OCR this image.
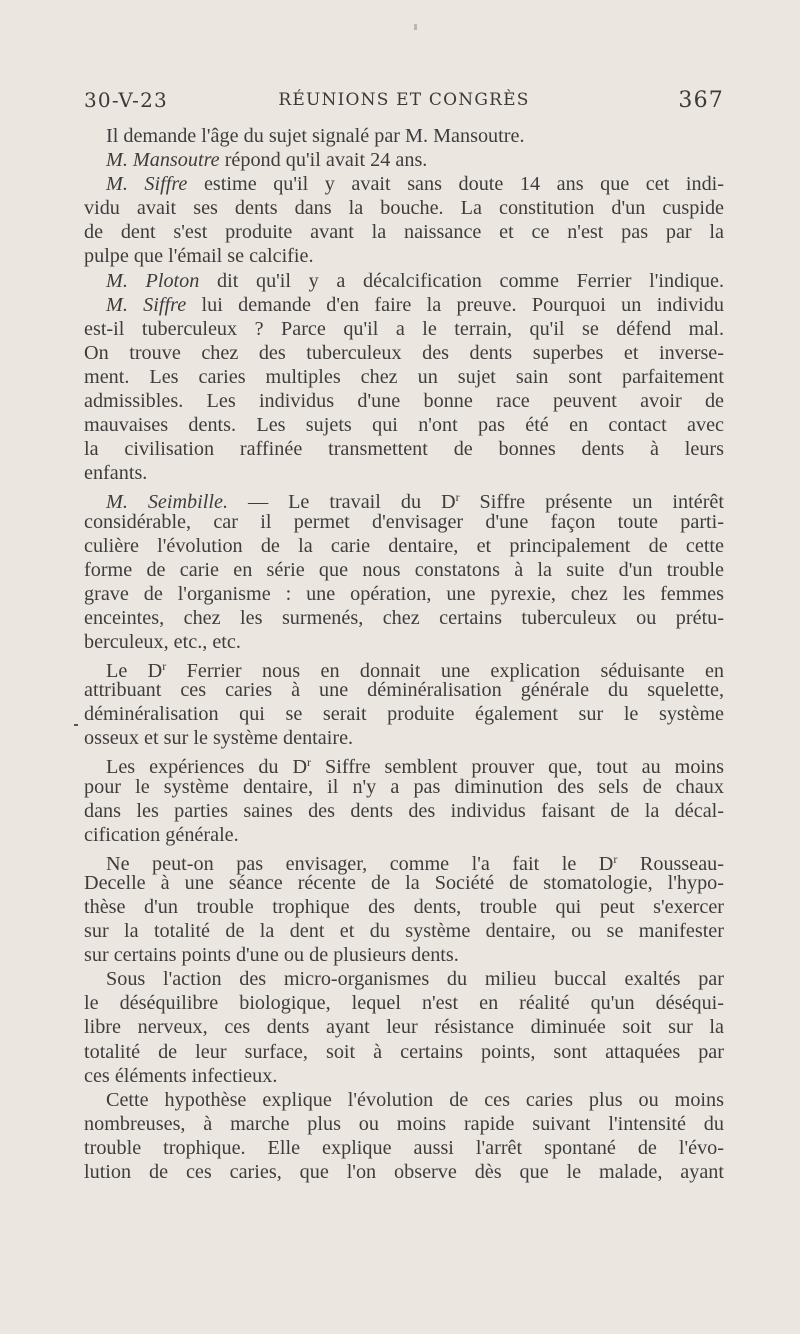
30-V-23	RÉUNIONS ET CONGRÈS	367
Il demande l'âge du sujet signalé par M. Mansoutre.
M. Mansoutre répond qu'il avait 24 ans.
M. Siffre estime qu'il y avait sans doute 14 ans que cet indi-
vidu avait ses dents dans la bouche. La constitution d'un cuspide
de dent s'est produite avant la naissance et ce n'est pas par la
pulpe que l'émail se calcifie.
M. Ploton dit qu'il y a décalcification comme Ferrier l'indique.
M. Siffre lui demande d'en faire la preuve. Pourquoi un individu
est-il tuberculeux ? Parce qu'il a le terrain, qu'il se défend mal.
On trouve chez des tuberculeux des dents superbes et inverse-
ment. Les caries multiples chez un sujet sain sont parfaitement
admissibles. Les individus d'une bonne race peuvent avoir de
mauvaises dents. Les sujets qui n'ont pas été en contact avec
la civilisation raffinée transmettent de bonnes dents à leurs
enfants.
M. Seimbille. — Le travail du $D^r$ Siffre présente un intérêt
considérable, car il permet d'envisager d'une façon toute parti-
culière l'évolution de la carie dentaire, et principalement de cette
forme de carie en série que nous constatons à la suite d'un trouble
grave de l'organisme : une opération, une pyrexie, chez les femmes
enceintes, chez les surmenés, chez certains tuberculeux ou prétu-
berculeux, etc., etc.
Le $D^r$ Ferrier nous en donnait une explication séduisante en
attribuant ces caries à une déminéralisation générale du squelette,
déminéralisation qui se serait produite également sur le système
osseux et sur le système dentaire.
Les expériences du $D^r$ Siffre semblent prouver que, tout au moins
pour le système dentaire, il n'y a pas diminution des sels de chaux
dans les parties saines des dents des individus faisant de la décal-
cification générale.
Ne peut-on pas envisager, comme l'a fait le $D^r$ Rousseau-
Decelle à une séance récente de la Société de stomatologie, l'hypo-
thèse d'un trouble trophique des dents, trouble qui peut s'exercer
sur la totalité de la dent et du système dentaire, ou se manifester
sur certains points d'une ou de plusieurs dents.
Sous l'action des micro-organismes du milieu buccal exaltés par
le déséquilibre biologique, lequel n'est en réalité qu'un déséqui-
libre nerveux, ces dents ayant leur résistance diminuée soit sur la
totalité de leur surface, soit à certains points, sont attaquées par
ces éléments infectieux.
Cette hypothèse explique l'évolution de ces caries plus ou moins
nombreuses, à marche plus ou moins rapide suivant l'intensité du
trouble trophique. Elle explique aussi l'arrêt spontané de l'évo-
lution de ces caries, que l'on observe dès que le malade, ayant
